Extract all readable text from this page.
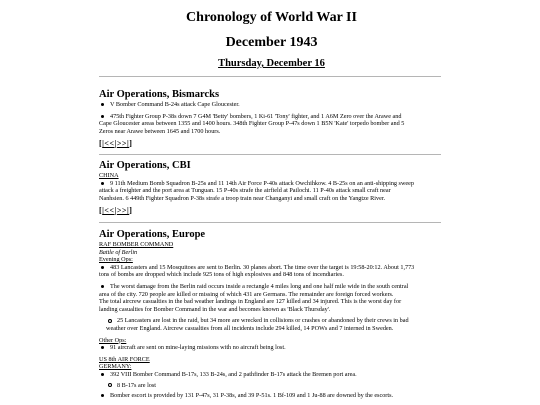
Chronology of World War II
December 1943
Thursday, December 16
Air Operations, Bismarcks

V Bomber Command B-24s attack Cape Gloucester.

475th Fighter Group P-38s down 7 G4M 'Betty' bombers, 1 Ki-61 'Tony' fighter, and 1 A6M Zero over the Arawe and

Cape Gloucester areas between 1355 and 1400 hours. 348th Fighter Group P-47s down 1 B5N 'Kate' torpedo bomber and 5

Zeros near Arawe between 1645 and 1700 hours.

[|<<|>>|]
Air Operations, CBI

CHINA

9 11th Medium Bomb Squadron B-25s and 11 14th Air Force P-40s attack Owchihkow. 4 B-25s on an anti-shipping sweep

attack a freighter and the port area at Tunguan. 15 P-40s strafe the airfield at Pailochi. 11 P-40s attack small craft near

Nanhsien. 6 449th Fighter Squadron P-38s strafe a troop train near Changanyi and small craft on the Yangtze River.

[|<<|>>|]
Air Operations, Europe

RAF BOMBER COMMAND

Battle of Berlin

Evening Ops:

483 Lancasters and 15 Mosquitoes are sent to Berlin. 30 planes abort. The time over the target is 19:58-20:12. About 1,773

tons of bombs are dropped which include 925 tons of high explosives and 848 tons of incendiaries.

The worst damage from the Berlin raid occurs inside a rectangle 4 miles long and one half mile wide in the south central

area of the city. 720 people are killed or missing of which 431 are Germans. The remainder are foreign forced workers.

The total aircrew casualties in the bad weather landings in England are 127 killed and 34 injured. This is the worst day for

landing casualties for Bomber Command in the war and becomes known as 'Black Thursday'.

25 Lancasters are lost in the raid, but 34 more are wrecked in collisions or crashes or abandoned by their crews in bad

weather over England. Aircrew casualties from all incidents include 294 killed, 14 POWs and 7 interned in Sweden.

Other Ops:

91 aircraft are sent on mine-laying missions with no aircraft being lost.

US 8th AIR FORCE

GERMANY:

392 VIII Bomber Command B-17s, 133 B-24s, and 2 pathfinder B-17s attack the Bremen port area.

8 B-17s are lost

Bomber escort is provided by 131 P-47s, 31 P-38s, and 39 P-51s. 1 Bf-109 and 1 Ju-88 are downed by the escorts.
